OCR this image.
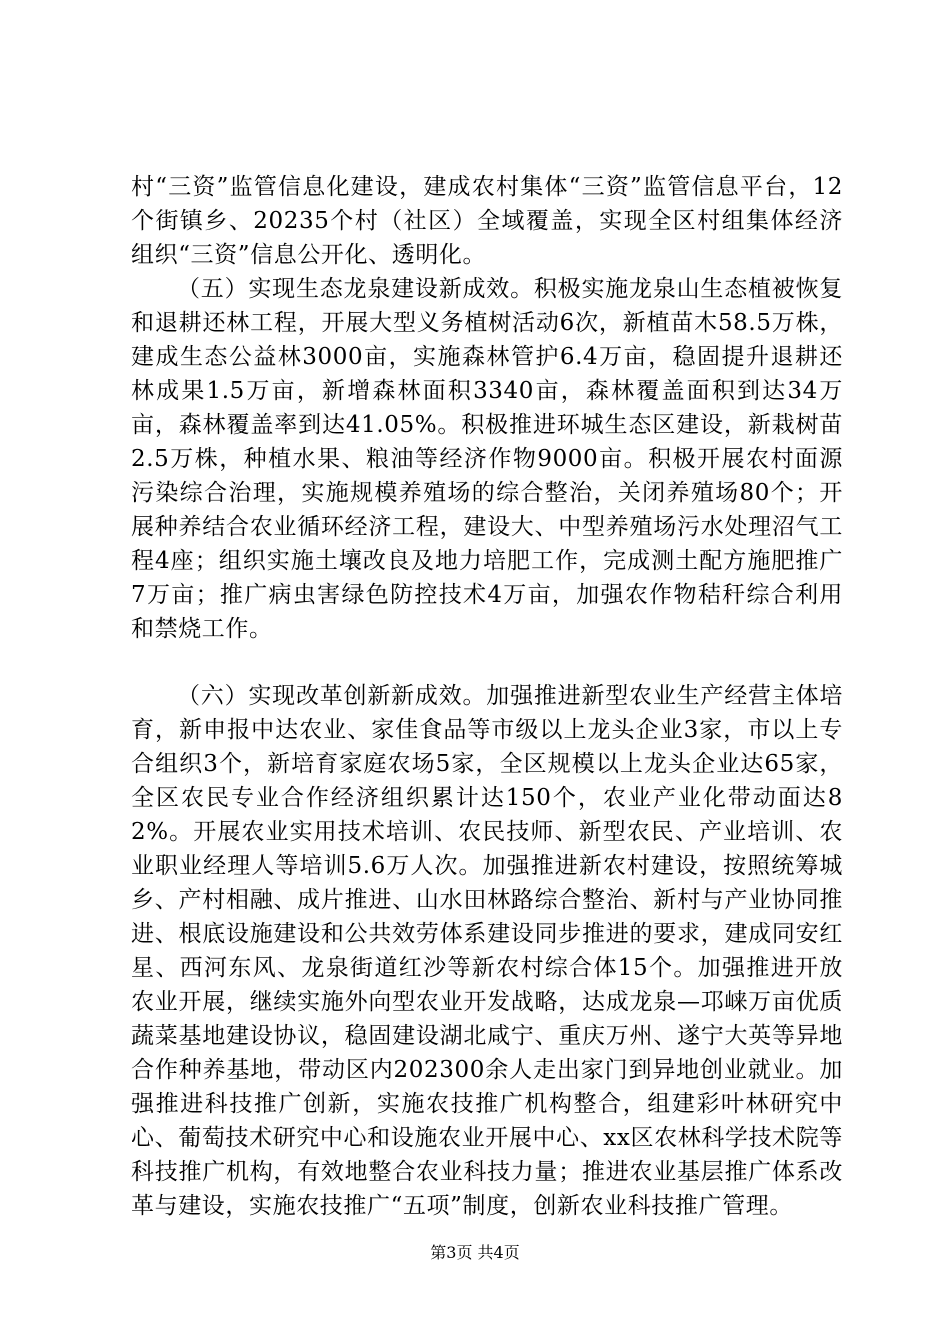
村“三资”监管信息化建设，建成农村集体“三资”监管信息平台，12个街镇乡、20235个村（社区）全域覆盖，实现全区村组集体经济组织“三资”信息公开化、透明化。

（五）实现生态龙泉建设新成效。积极实施龙泉山生态植被恢复和退耕还林工程，开展大型义务植树活动6次，新植苗木58.5万株，建成生态公益林3000亩，实施森林管护6.4万亩，稳固提升退耕还林成果1.5万亩，新增森林面积3340亩，森林覆盖面积到达34万亩，森林覆盖率到达41.05%。积极推进环城生态区建设，新栽树苗2.5万株，种植水果、粮油等经济作物9000亩。积极开展农村面源污染综合治理，实施规模养殖场的综合整治，关闭养殖场80个；开展种养结合农业循环经济工程，建设大、中型养殖场污水处理沼气工程4座；组织实施土壤改良及地力培肥工作，完成测土配方施肥推广7万亩；推广病虫害绿色防控技术4万亩，加强农作物秸秆综合利用和禁烧工作。

（六）实现改革创新新成效。加强推进新型农业生产经营主体培育，新申报中达农业、家佳食品等市级以上龙头企业3家，市以上专合组织3个，新培育家庭农场5家，全区规模以上龙头企业达65家，全区农民专业合作经济组织累计达150个，农业产业化带动面达82%。开展农业实用技术培训、农民技师、新型农民、产业培训、农业职业经理人等培训5.6万人次。加强推进新农村建设，按照统筹城乡、产村相融、成片推进、山水田林路综合整治、新村与产业协同推进、根底设施建设和公共效劳体系建设同步推进的要求，建成同安红星、西河东风、龙泉街道红沙等新农村综合体15个。加强推进开放农业开展，继续实施外向型农业开发战略，达成龙泉—邛崃万亩优质蔬菜基地建设协议，稳固建设湖北咸宁、重庆万州、遂宁大英等异地合作种养基地，带动区内202300余人走出家门到异地创业就业。加强推进科技推广创新，实施农技推广机构整合，组建彩叶林研究中心、葡萄技术研究中心和设施农业开展中心、xx区农林科学技术院等科技推广机构，有效地整合农业科技力量；推进农业基层推广体系改革与建设，实施农技推广“五项”制度，创新农业科技推广管理。

第3页 共4页
